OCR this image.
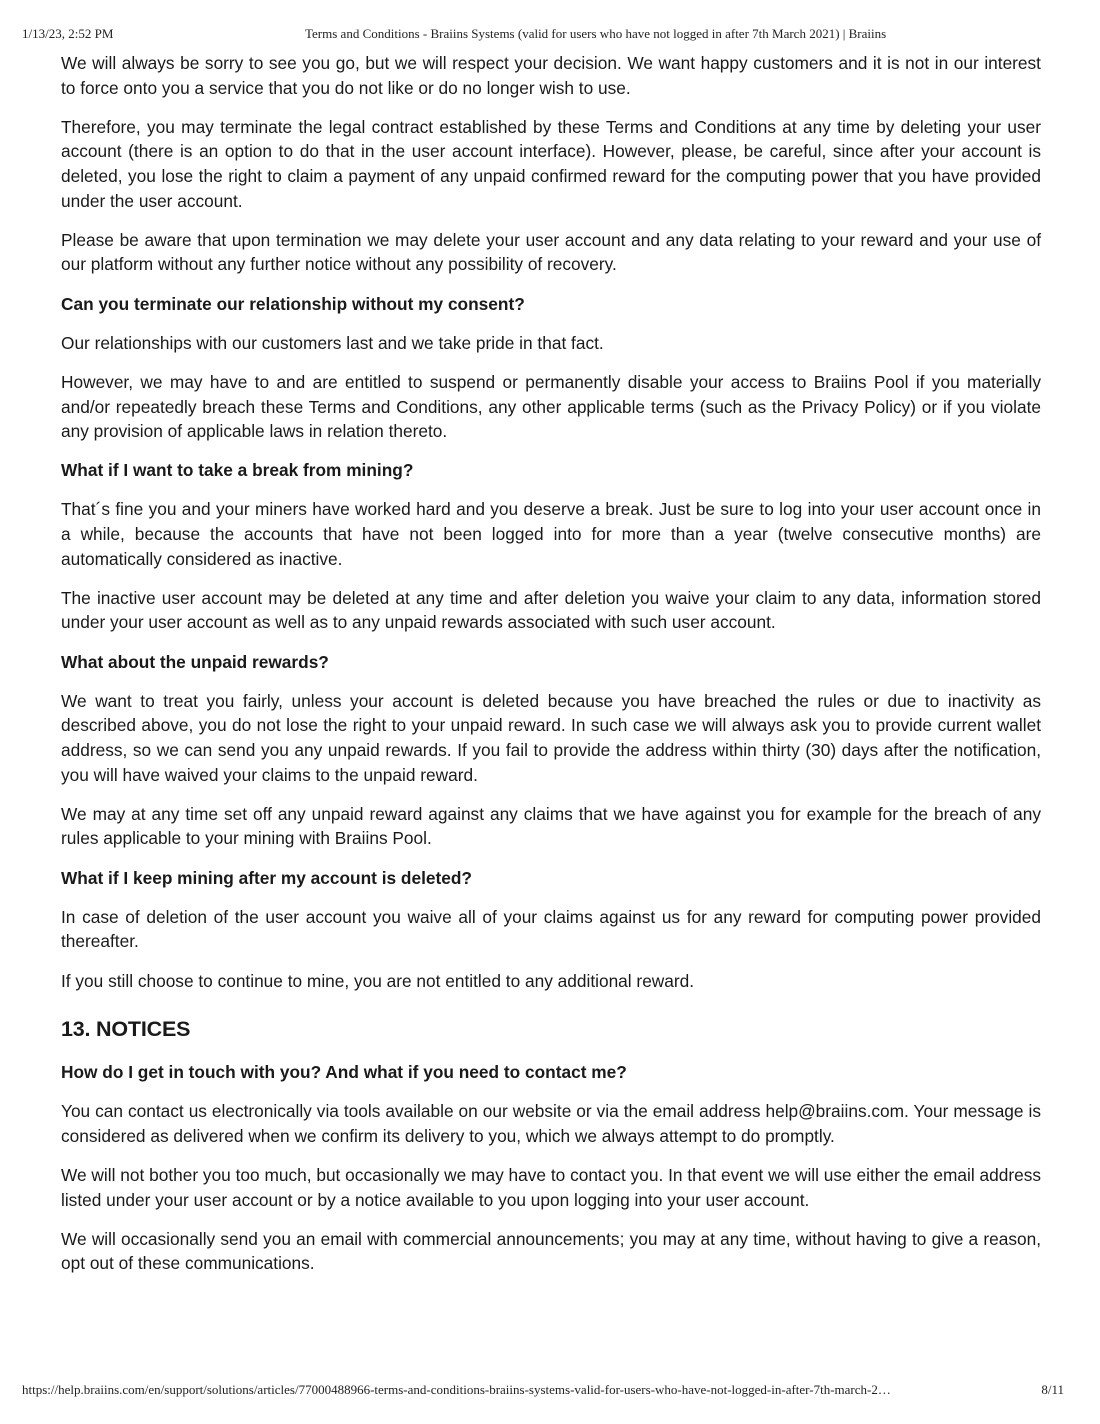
1/13/23, 2:52 PM	Terms and Conditions - Braiins Systems (valid for users who have not logged in after 7th March 2021) | Braiins

We will always be sorry to see you go, but we will respect your decision. We want happy customers and it is not in our interest to force onto you a service that you do not like or do no longer wish to use.

Therefore, you may terminate the legal contract established by these Terms and Conditions at any time by deleting your user account (there is an option to do that in the user account interface). However, please, be careful, since after your account is deleted, you lose the right to claim a payment of any unpaid confirmed reward for the computing power that you have provided under the user account.

Please be aware that upon termination we may delete your user account and any data relating to your reward and your use of our platform without any further notice without any possibility of recovery.

Can you terminate our relationship without my consent?

Our relationships with our customers last and we take pride in that fact.

However, we may have to and are entitled to suspend or permanently disable your access to Braiins Pool if you materially and/or repeatedly breach these Terms and Conditions, any other applicable terms (such as the Privacy Policy) or if you violate any provision of applicable laws in relation thereto.

What if I want to take a break from mining?

That´s fine you and your miners have worked hard and you deserve a break. Just be sure to log into your user account once in a while, because the accounts that have not been logged into for more than a year (twelve consecutive months) are automatically considered as inactive.

The inactive user account may be deleted at any time and after deletion you waive your claim to any data, information stored under your user account as well as to any unpaid rewards associated with such user account.

What about the unpaid rewards?

We want to treat you fairly, unless your account is deleted because you have breached the rules or due to inactivity as described above, you do not lose the right to your unpaid reward. In such case we will always ask you to provide current wallet address, so we can send you any unpaid rewards. If you fail to provide the address within thirty (30) days after the notification, you will have waived your claims to the unpaid reward.

We may at any time set off any unpaid reward against any claims that we have against you for example for the breach of any rules applicable to your mining with Braiins Pool.

What if I keep mining after my account is deleted?

In case of deletion of the user account you waive all of your claims against us for any reward for computing power provided thereafter.

If you still choose to continue to mine, you are not entitled to any additional reward.

13. NOTICES
How do I get in touch with you? And what if you need to contact me?

You can contact us electronically via tools available on our website or via the email address help@braiins.com. Your message is considered as delivered when we confirm its delivery to you, which we always attempt to do promptly.

We will not bother you too much, but occasionally we may have to contact you. In that event we will use either the email address listed under your user account or by a notice available to you upon logging into your user account.

We will occasionally send you an email with commercial announcements; you may at any time, without having to give a reason, opt out of these communications.

https://help.braiins.com/en/support/solutions/articles/77000488966-terms-and-conditions-braiins-systems-valid-for-users-who-have-not-logged-in-after-7th-march-2…	8/11
